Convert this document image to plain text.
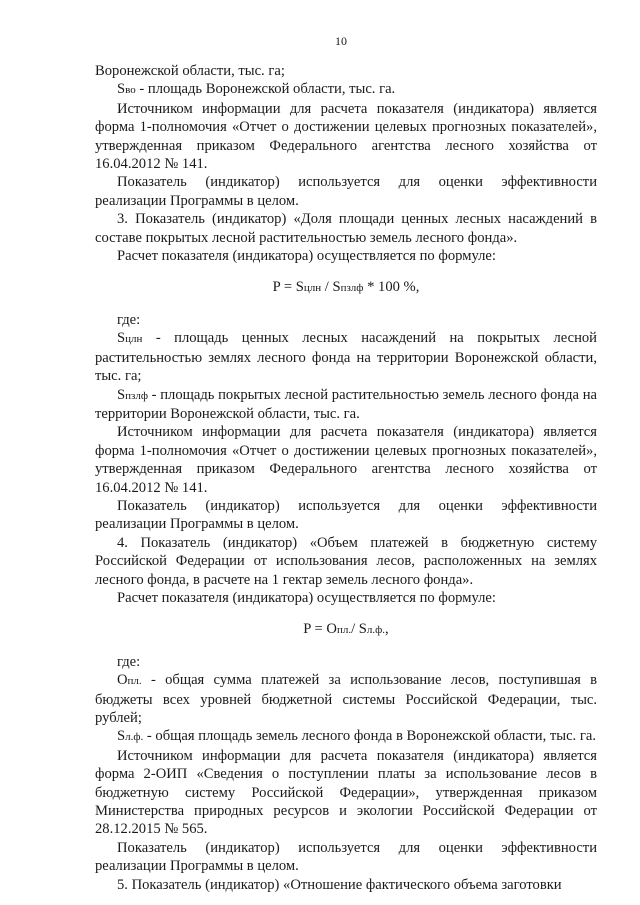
10

Воронежской области, тыс. га;

Sво - площадь Воронежской области, тыс. га.

Источником информации для расчета показателя (индикатора) является форма 1-полномочия «Отчет о достижении целевых прогнозных показателей», утвержденная приказом Федерального агентства лесного хозяйства от 16.04.2012 № 141.

Показатель (индикатор) используется для оценки эффективности реализации Программы в целом.

3. Показатель (индикатор) «Доля площади ценных лесных насаждений в составе покрытых лесной растительностью земель лесного фонда».

Расчет показателя (индикатора) осуществляется по формуле:

P = Sцлн / Sпзлф * 100 %,

где:

Sцлн - площадь ценных лесных насаждений на покрытых лесной растительностью землях лесного фонда на территории Воронежской области, тыс. га;

Sпзлф - площадь покрытых лесной растительностью земель лесного фонда на территории Воронежской области, тыс. га.

Источником информации для расчета показателя (индикатора) является форма 1-полномочия «Отчет о достижении целевых прогнозных показателей», утвержденная приказом Федерального агентства лесного хозяйства от 16.04.2012 № 141.

Показатель (индикатор) используется для оценки эффективности реализации Программы в целом.

4. Показатель (индикатор) «Объем платежей в бюджетную систему Российской Федерации от использования лесов, расположенных на землях лесного фонда, в расчете на 1 гектар земель лесного фонда».

Расчет показателя (индикатора) осуществляется по формуле:

P = Oпл./ Sл.ф.,

где:

Oпл. - общая сумма платежей за использование лесов, поступившая в бюджеты всех уровней бюджетной системы Российской Федерации, тыс. рублей;

Sл.ф. - общая площадь земель лесного фонда в Воронежской области, тыс. га.

Источником информации для расчета показателя (индикатора) является форма 2-ОИП «Сведения о поступлении платы за использование лесов в бюджетную систему Российской Федерации», утвержденная приказом Министерства природных ресурсов и экологии Российской Федерации от 28.12.2015 № 565.

Показатель (индикатор) используется для оценки эффективности реализации Программы в целом.

5. Показатель (индикатор) «Отношение фактического объема заготовки
